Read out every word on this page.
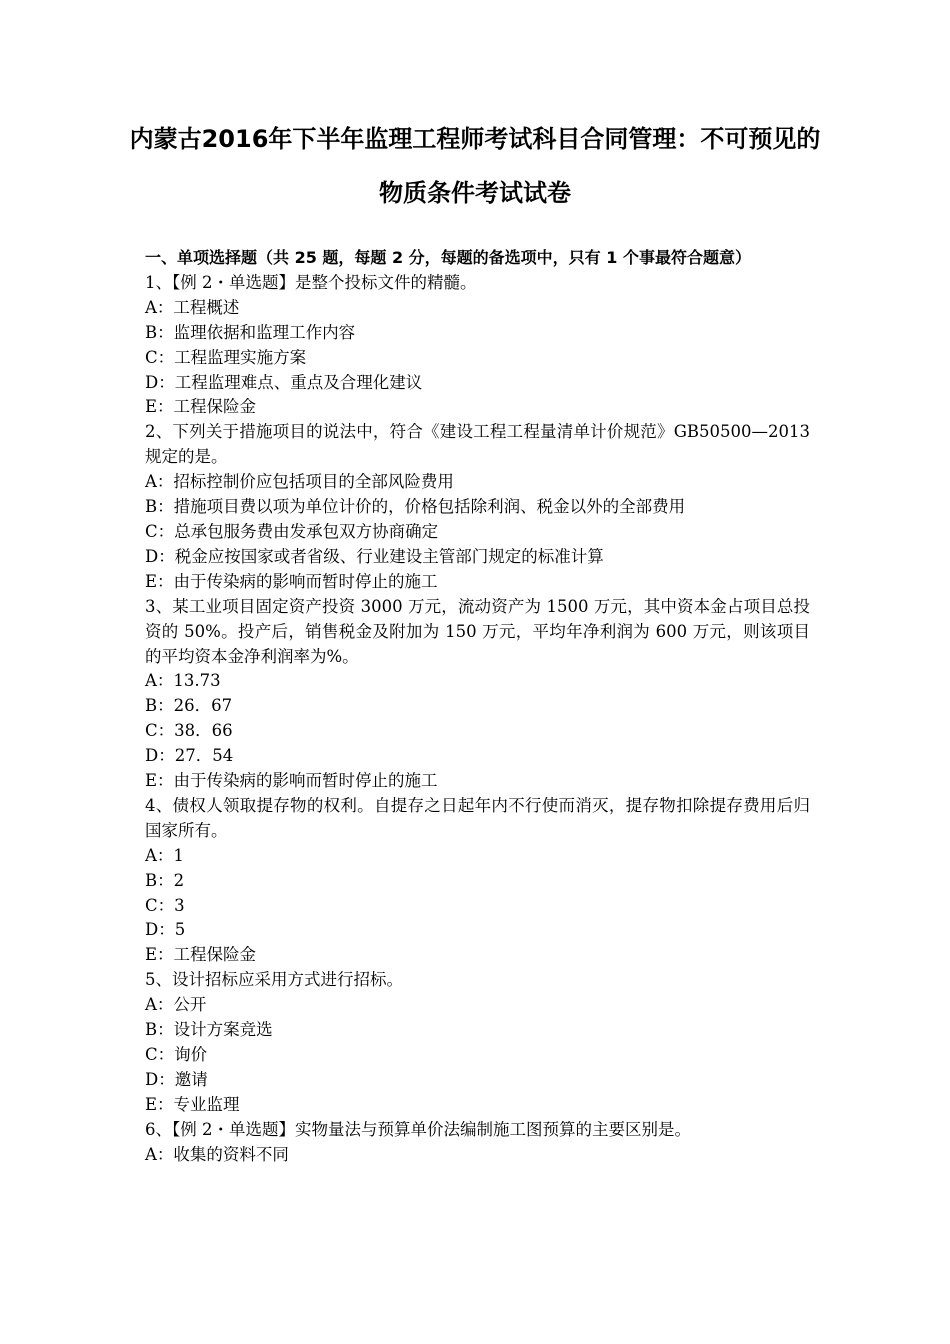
内蒙古2016年下半年监理工程师考试科目合同管理：不可预见的物质条件考试试卷
一、单项选择题（共 25 题，每题 2 分，每题的备选项中，只有 1 个事最符合题意）
1、【例 2・单选题】是整个投标文件的精髓。
A：工程概述
B：监理依据和监理工作内容
C：工程监理实施方案
D：工程监理难点、重点及合理化建议
E：工程保险金
2、下列关于措施项目的说法中，符合《建设工程工程量清单计价规范》GB50500—2013 规定的是。
A：招标控制价应包括项目的全部风险费用
B：措施项目费以项为单位计价的，价格包括除利润、税金以外的全部费用
C：总承包服务费由发承包双方协商确定
D：税金应按国家或者省级、行业建设主管部门规定的标准计算
E：由于传染病的影响而暂时停止的施工
3、某工业项目固定资产投资 3000 万元，流动资产为 1500 万元，其中资本金占项目总投资的 50%。投产后，销售税金及附加为 150 万元，平均年净利润为 600 万元，则该项目的平均资本金净利润率为%。
A：13.73
B：26．67
C：38．66
D：27．54
E：由于传染病的影响而暂时停止的施工
4、债权人领取提存物的权利。自提存之日起年内不行使而消灭，提存物扣除提存费用后归国家所有。
A：1
B：2
C：3
D：5
E：工程保险金
5、设计招标应采用方式进行招标。
A：公开
B：设计方案竞选
C：询价
D：邀请
E：专业监理
6、【例 2・单选题】实物量法与预算单价法编制施工图预算的主要区别是。
A：收集的资料不同
